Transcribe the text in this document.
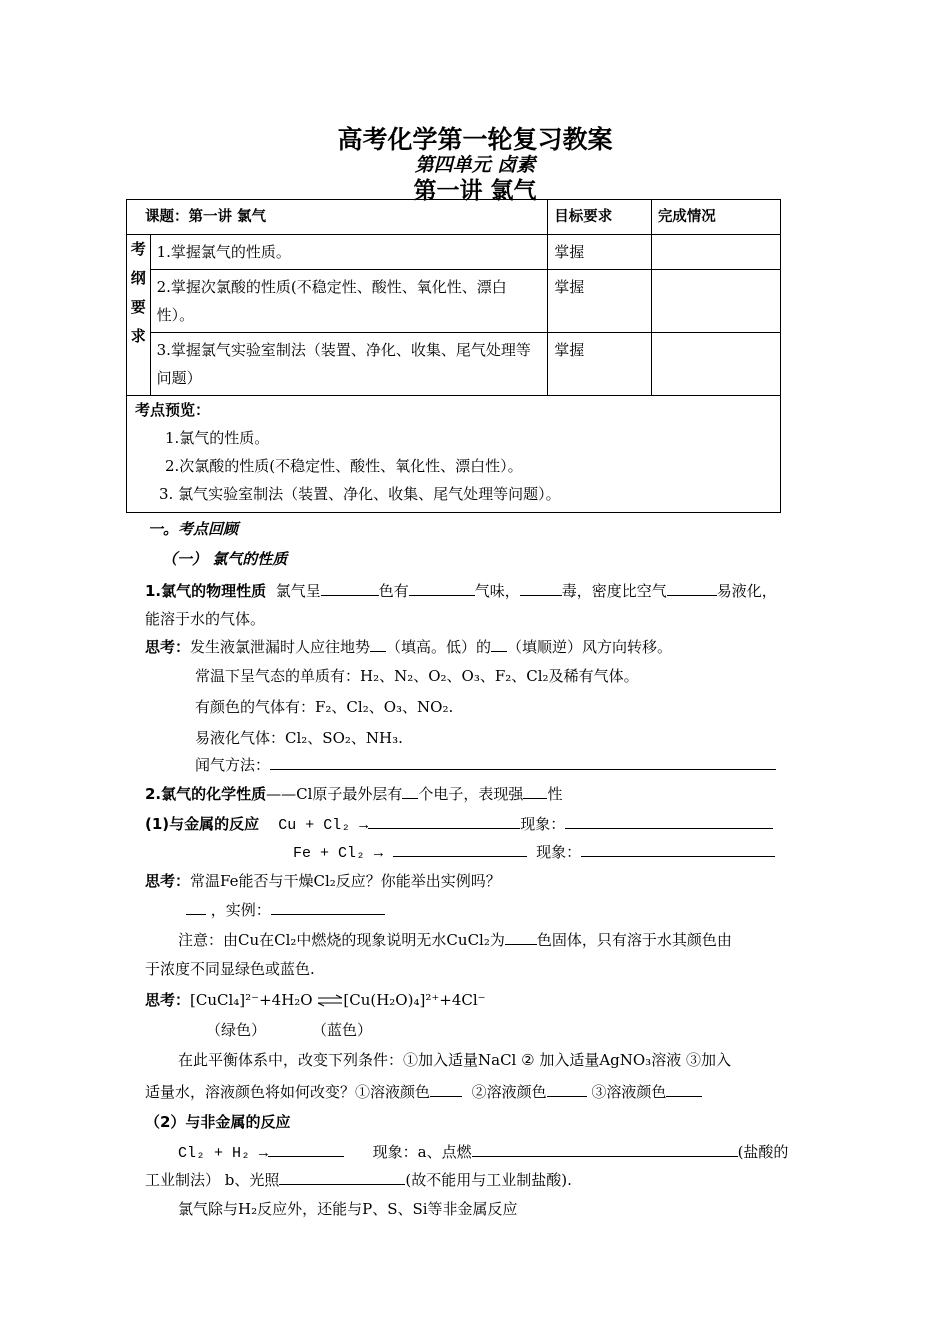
高考化学第一轮复习教案
第四单元 卤素
第一讲 氯气
课题：第一讲 氯气		目标要求	完成情况

考
纲
要
求	1.掌握氯气的性质。	掌握	
	2.掌握次氯酸的性质(不稳定性、酸性、氧化性、漂白性）。	掌握	
	3.掌握氯气实验室制法（装置、净化、收集、尾气处理等问题）	掌握	

考点预览：
1.氯气的性质。
2.次氯酸的性质(不稳定性、酸性、氧化性、漂白性）。
3. 氯气实验室制法（装置、净化、收集、尾气处理等问题）。			
一。考点回顾
（一） 氯气的性质
1.氯气的物理性质 氯气呈	色有	气味，	毒，密度比空气	易液化，
能溶于水的气体。
思考：发生液氯泄漏时人应往地势 （填高。低）的 （填顺逆）风方向转移。
常温下呈气态的单质有：H₂、N₂、O₂、O₃、F₂、Cl₂及稀有气体。
有颜色的气体有：F₂、Cl₂、O₃、NO₂.
易液化气体：Cl₂、SO₂、NH₃.
闻气方法：
2.氯气的化学性质——Cl原子最外层有 个电子，表现强 性
(1)与金属的反应 Cu + Cl₂ →	现象：
Fe + Cl₂ →	现象：
思考：常温Fe能否与干燥Cl₂反应？你能举出实例吗？
，实例：
注意：由Cu在Cl₂中燃烧的现象说明无水CuCl₂为 色固体，只有溶于水其颜色由
于浓度不同显绿色或蓝色.
思考：[CuCl₄]²⁻+4H₂O ⇌[Cu(H₂O)₄]²⁺+4Cl⁻
（绿色）	（蓝色）
在此平衡体系中，改变下列条件：①加入适量NaCl ② 加入适量AgNO₃溶液 ③加入
适量水，溶液颜色将如何改变？①溶液颜色	②溶液颜色	③溶液颜色
（2）与非金属的反应
Cl₂ + H₂ →	现象：a、点燃	(盐酸的
工业制法） b、光照	(故不能用与工业制盐酸).
氯气除与H₂反应外，还能与P、S、Si等非金属反应
